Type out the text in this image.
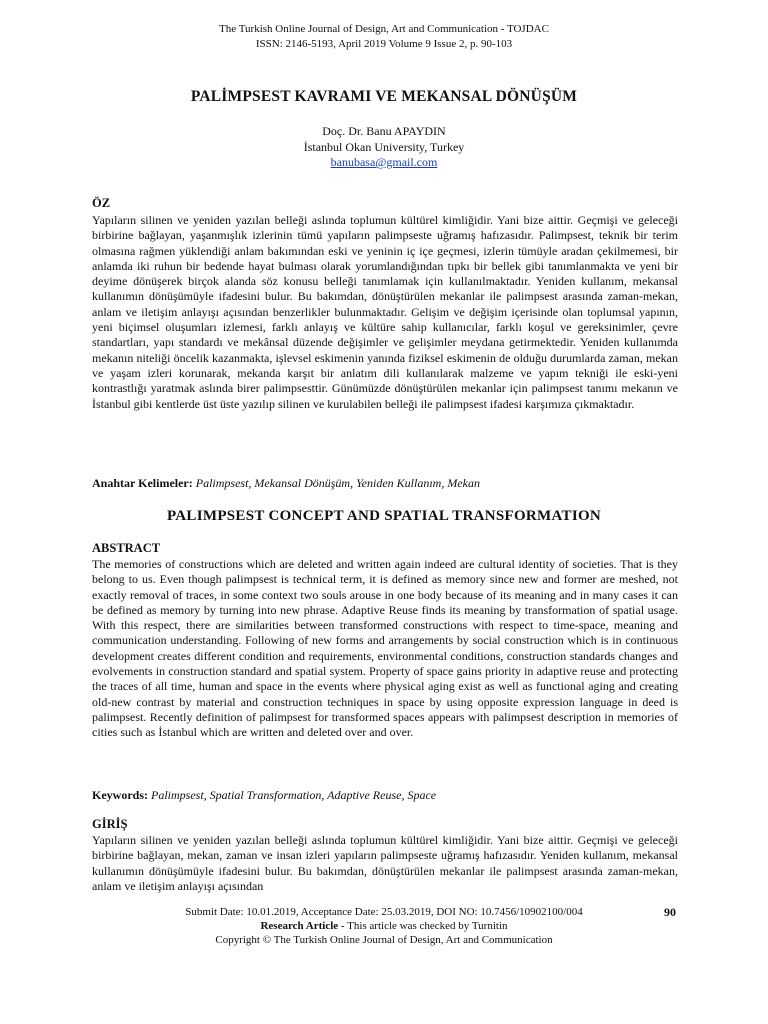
The Turkish Online Journal of Design, Art and Communication - TOJDAC
ISSN: 2146-5193, April 2019 Volume 9 Issue 2, p. 90-103
PALİMPSEST KAVRAMI VE MEKANSAL DÖNÜŞÜM
Doç. Dr. Banu APAYDIN
İstanbul Okan University, Turkey
banubasa@gmail.com
ÖZ
Yapıların silinen ve yeniden yazılan belleği aslında toplumun kültürel kimliğidir. Yani bize aittir. Geçmişi ve geleceği birbirine bağlayan, yaşanmışlık izlerinin tümü yapıların palimpseste uğramış hafızasıdır. Palimpsest, teknik bir terim olmasına rağmen yüklendiği anlam bakımından eski ve yeninin iç içe geçmesi, izlerin tümüyle aradan çekilmemesi, bir anlamda iki ruhun bir bedende hayat bulması olarak yorumlandığından tıpkı bir bellek gibi tanımlanmakta ve yeni bir deyime dönüşerek birçok alanda söz konusu belleği tanımlamak için kullanılmaktadır. Yeniden kullanım, mekansal kullanımın dönüşümüyle ifadesini bulur. Bu bakımdan, dönüştürülen mekanlar ile palimpsest arasında zaman-mekan, anlam ve iletişim anlayışı açısından benzerlikler bulunmaktadır. Gelişim ve değişim içerisinde olan toplumsal yapının, yeni biçimsel oluşumları izlemesi, farklı anlayış ve kültüre sahip kullanıcılar, farklı koşul ve gereksinimler, çevre standartları, yapı standardı ve mekânsal düzende değişimler ve gelişimler meydana getirmektedir. Yeniden kullanımda mekanın niteliği öncelik kazanmakta, işlevsel eskimenin yanında fiziksel eskimenin de olduğu durumlarda zaman, mekan ve yaşam izleri korunarak, mekanda karşıt bir anlatım dili kullanılarak malzeme ve yapım tekniği ile eski-yeni kontrastlığı yaratmak aslında birer palimpsesttir. Günümüzde dönüştürülen mekanlar için palimpsest tanımı mekanın ve İstanbul gibi kentlerde üst üste yazılıp silinen ve kurulabilen belleği ile palimpsest ifadesi karşımıza çıkmaktadır.
Anahtar Kelimeler: Palimpsest, Mekansal Dönüşüm, Yeniden Kullanım, Mekan
PALIMPSEST CONCEPT AND SPATIAL TRANSFORMATION
ABSTRACT
The memories of constructions which are deleted and written again indeed are cultural identity of societies. That is they belong to us. Even though palimpsest is technical term, it is defined as memory since new and former are meshed, not exactly removal of traces, in some context two souls arouse in one body because of its meaning and in many cases it can be defined as memory by turning into new phrase. Adaptive Reuse finds its meaning by transformation of spatial usage. With this respect, there are similarities between transformed constructions with respect to time-space, meaning and communication understanding. Following of new forms and arrangements by social construction which is in continuous development creates different condition and requirements, environmental conditions, construction standards changes and evolvements in construction standard and spatial system. Property of space gains priority in adaptive reuse and protecting the traces of all time, human and space in the events where physical aging exist as well as functional aging and creating old-new contrast by material and construction techniques in space by using opposite expression language in deed is palimpsest. Recently definition of palimpsest for transformed spaces appears with palimpsest description in memories of cities such as İstanbul which are written and deleted over and over.
Keywords: Palimpsest, Spatial Transformation, Adaptive Reuse, Space
GİRİŞ
Yapıların silinen ve yeniden yazılan belleği aslında toplumun kültürel kimliğidir. Yani bize aittir. Geçmişi ve geleceği birbirine bağlayan, mekan, zaman ve insan izleri yapıların palimpseste uğramış hafızasıdır. Yeniden kullanım, mekansal kullanımın dönüşümüyle ifadesini bulur. Bu bakımdan, dönüştürülen mekanlar ile palimpsest arasında zaman-mekan, anlam ve iletişim anlayışı açısından
Submit Date: 10.01.2019, Acceptance Date: 25.03.2019, DOI NO: 10.7456/10902100/004
Research Article - This article was checked by Turnitin
Copyright © The Turkish Online Journal of Design, Art and Communication
90
